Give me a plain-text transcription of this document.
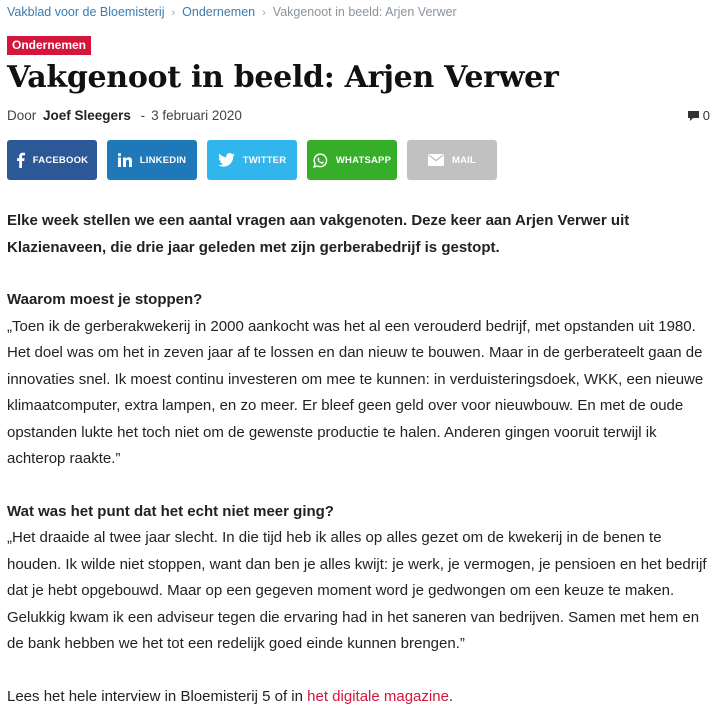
Vakblad voor de Bloemisterij › Ondernemen › Vakgenoot in beeld: Arjen Verwer
Ondernemen
Vakgenoot in beeld: Arjen Verwer
Door Joef Sleegers - 3 februari 2020	0
FACEBOOK	LINKEDIN	TWITTER	WHATSAPP	MAIL

Elke week stellen we een aantal vragen aan vakgenoten. Deze keer aan Arjen Verwer uit Klazienaveen, die drie jaar geleden met zijn gerberabedrijf is gestopt.

Waarom moest je stoppen?

„Toen ik de gerberakwekerij in 2000 aankocht was het al een verouderd bedrijf, met opstanden uit 1980. Het doel was om het in zeven jaar af te lossen en dan nieuw te bouwen. Maar in de gerberateelt gaan de innovaties snel. Ik moest continu investeren om mee te kunnen: in verduisteringsdoek, WKK, een nieuwe klimaatcomputer, extra lampen, en zo meer. Er bleef geen geld over voor nieuwbouw. En met de oude opstanden lukte het toch niet om de gewenste productie te halen. Anderen gingen vooruit terwijl ik achterop raakte.”

Wat was het punt dat het echt niet meer ging?

„Het draaide al twee jaar slecht. In die tijd heb ik alles op alles gezet om de kwekerij in de benen te houden. Ik wilde niet stoppen, want dan ben je alles kwijt: je werk, je vermogen, je pensioen en het bedrijf dat je hebt opgebouwd. Maar op een gegeven moment word je gedwongen om een keuze te maken. Gelukkig kwam ik een adviseur tegen die ervaring had in het saneren van bedrijven. Samen met hem en de bank hebben we het tot een redelijk goed einde kunnen brengen.”

Lees het hele interview in Bloemisterij 5 of in het digitale magazine.
